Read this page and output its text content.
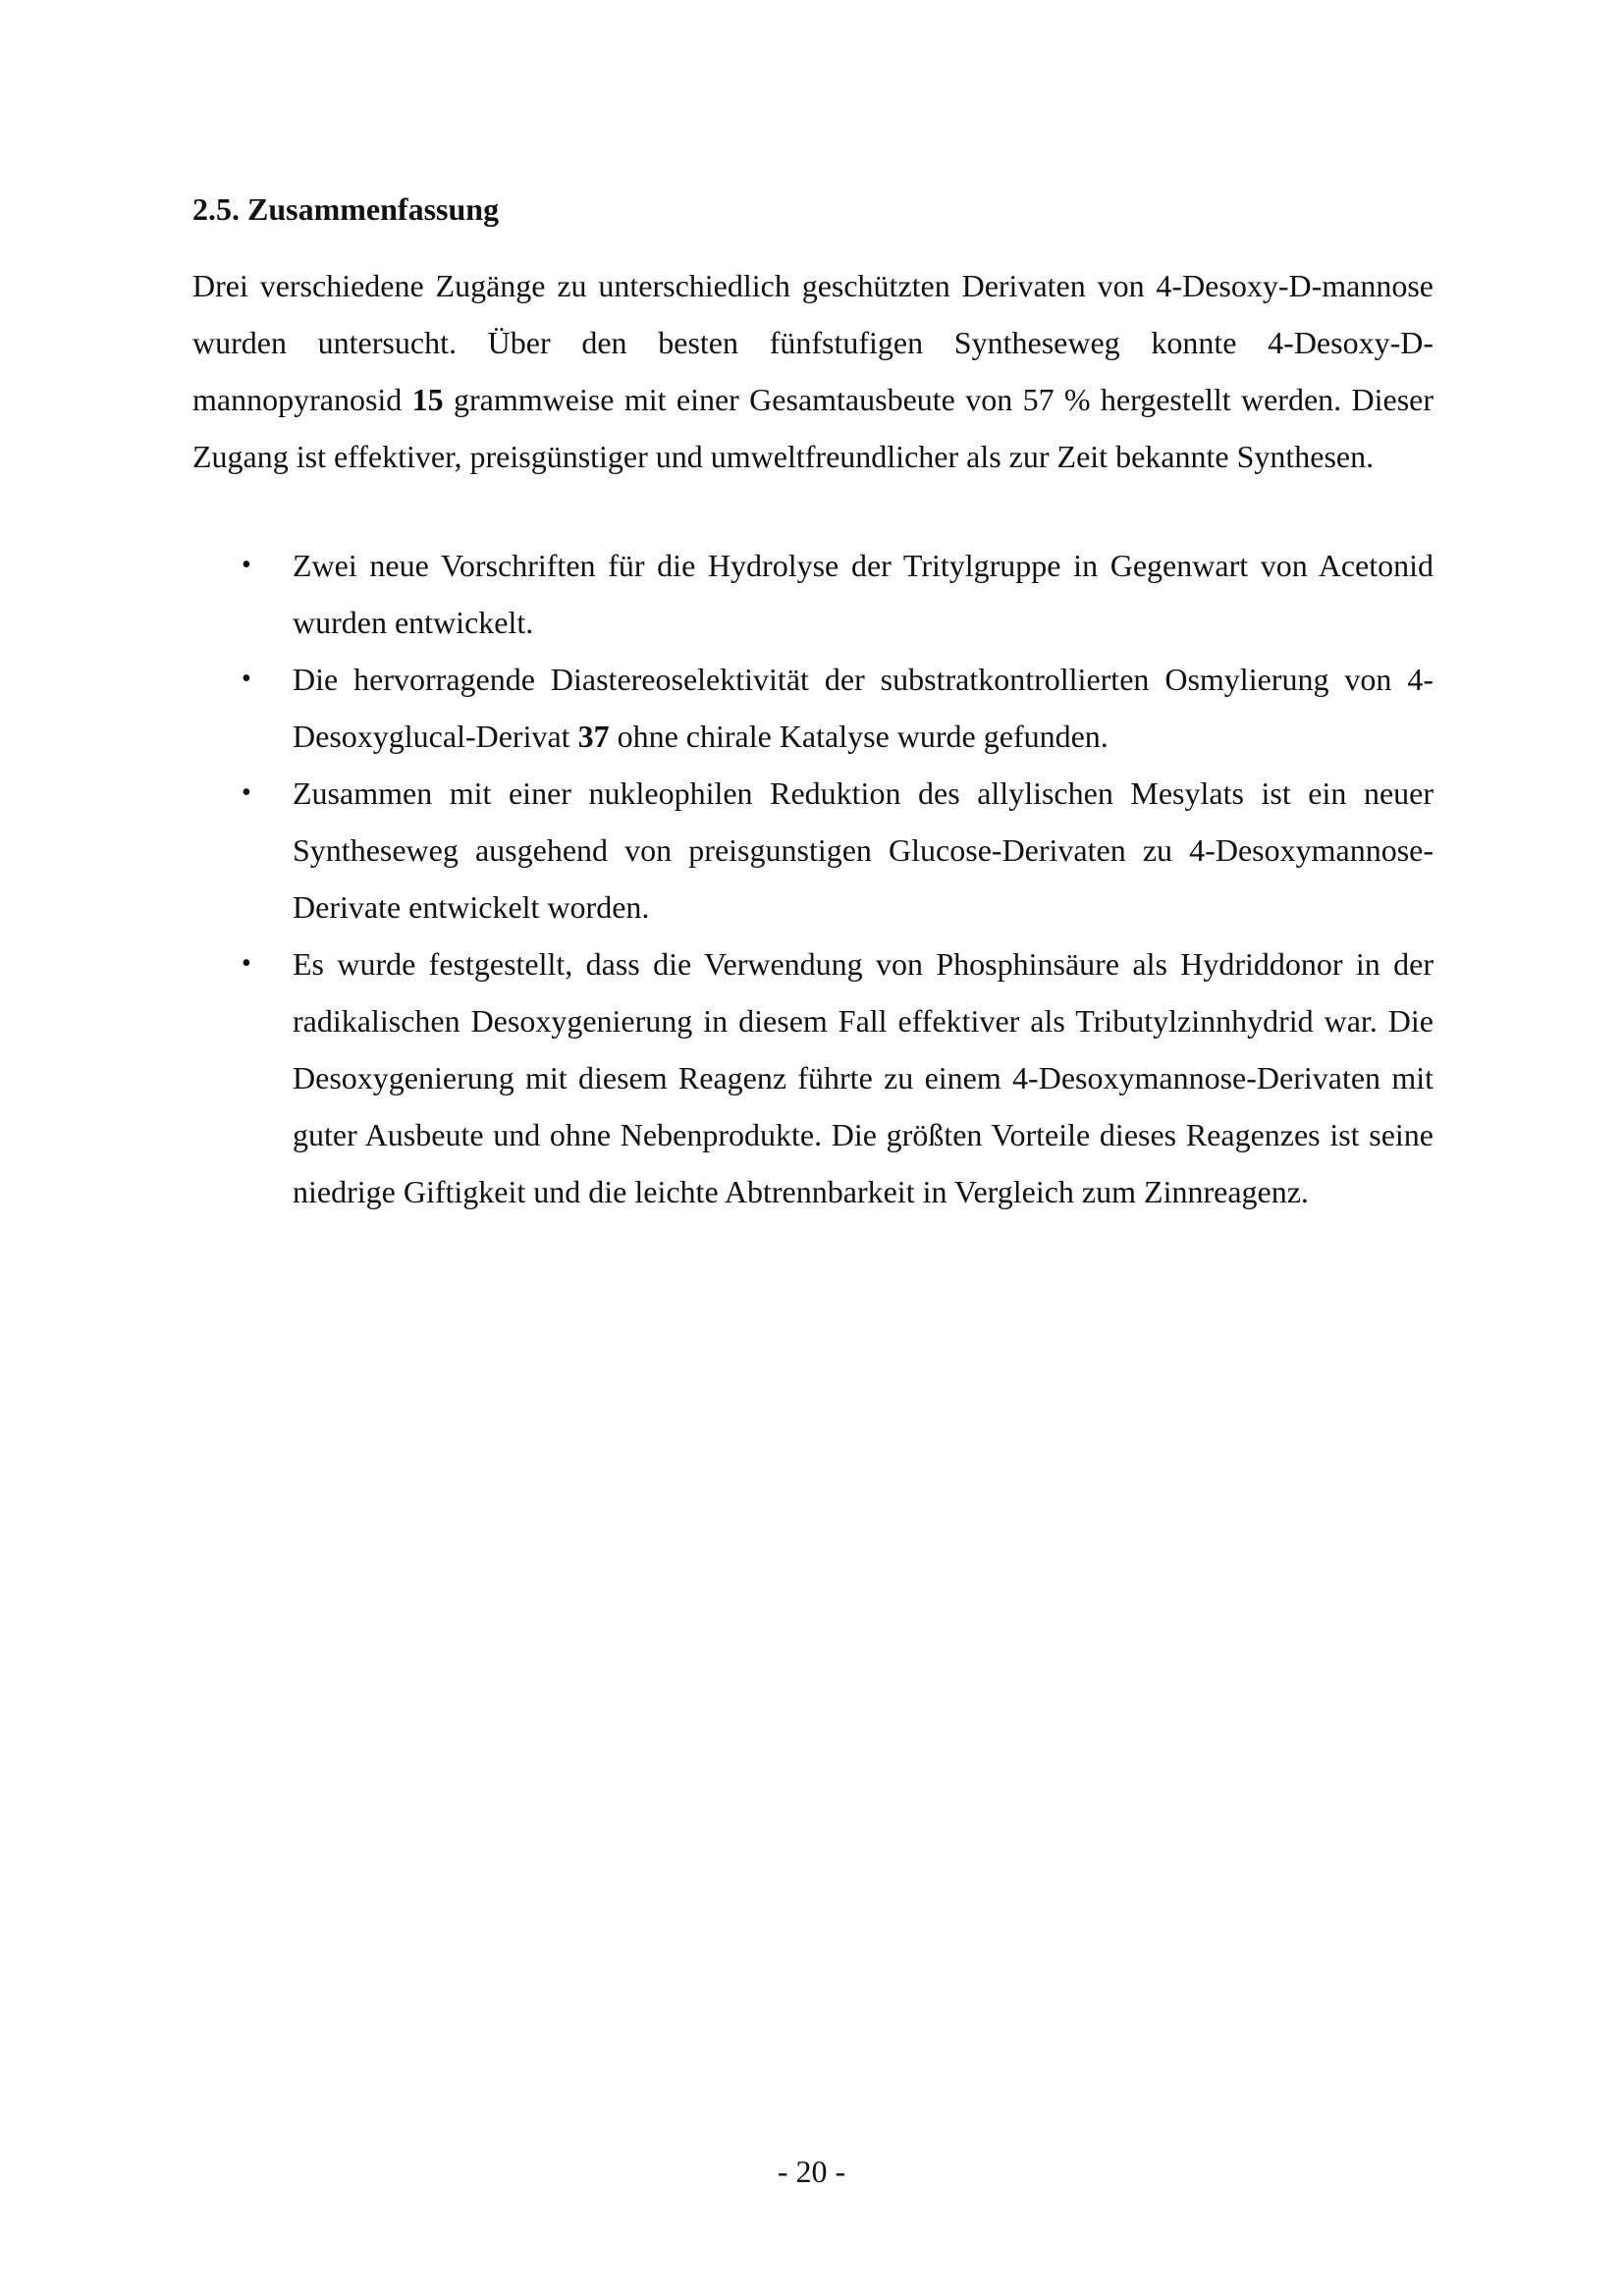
2.5. Zusammenfassung

Drei verschiedene Zugänge zu unterschiedlich geschützten Derivaten von 4-Desoxy-D-mannose wurden untersucht. Über den besten fünfstufigen Syntheseweg konnte 4-Desoxy-D-mannopyranosid 15 grammweise mit einer Gesamtausbeute von 57 % hergestellt werden. Dieser Zugang ist effektiver, preisgünstiger und umweltfreundlicher als zur Zeit bekannte Synthesen.

• Zwei neue Vorschriften für die Hydrolyse der Tritylgruppe in Gegenwart von Acetonid wurden entwickelt.
• Die hervorragende Diastereoselektivität der substratkontrollierten Osmylierung von 4-Desoxyglucal-Derivat 37 ohne chirale Katalyse wurde gefunden.
• Zusammen mit einer nukleophilen Reduktion des allylischen Mesylats ist ein neuer Syntheseweg ausgehend von preisgunstigen Glucose-Derivaten zu 4-Desoxymannose-Derivate entwickelt worden.
• Es wurde festgestellt, dass die Verwendung von Phosphinsäure als Hydriddonor in der radikalischen Desoxygenierung in diesem Fall effektiver als Tributylzinnhydrid war. Die Desoxygenierung mit diesem Reagenz führte zu einem 4-Desoxymannose-Derivaten mit guter Ausbeute und ohne Nebenprodukte. Die größten Vorteile dieses Reagenzes ist seine niedrige Giftigkeit und die leichte Abtrennbarkeit in Vergleich zum Zinnreagenz.
- 20 -
